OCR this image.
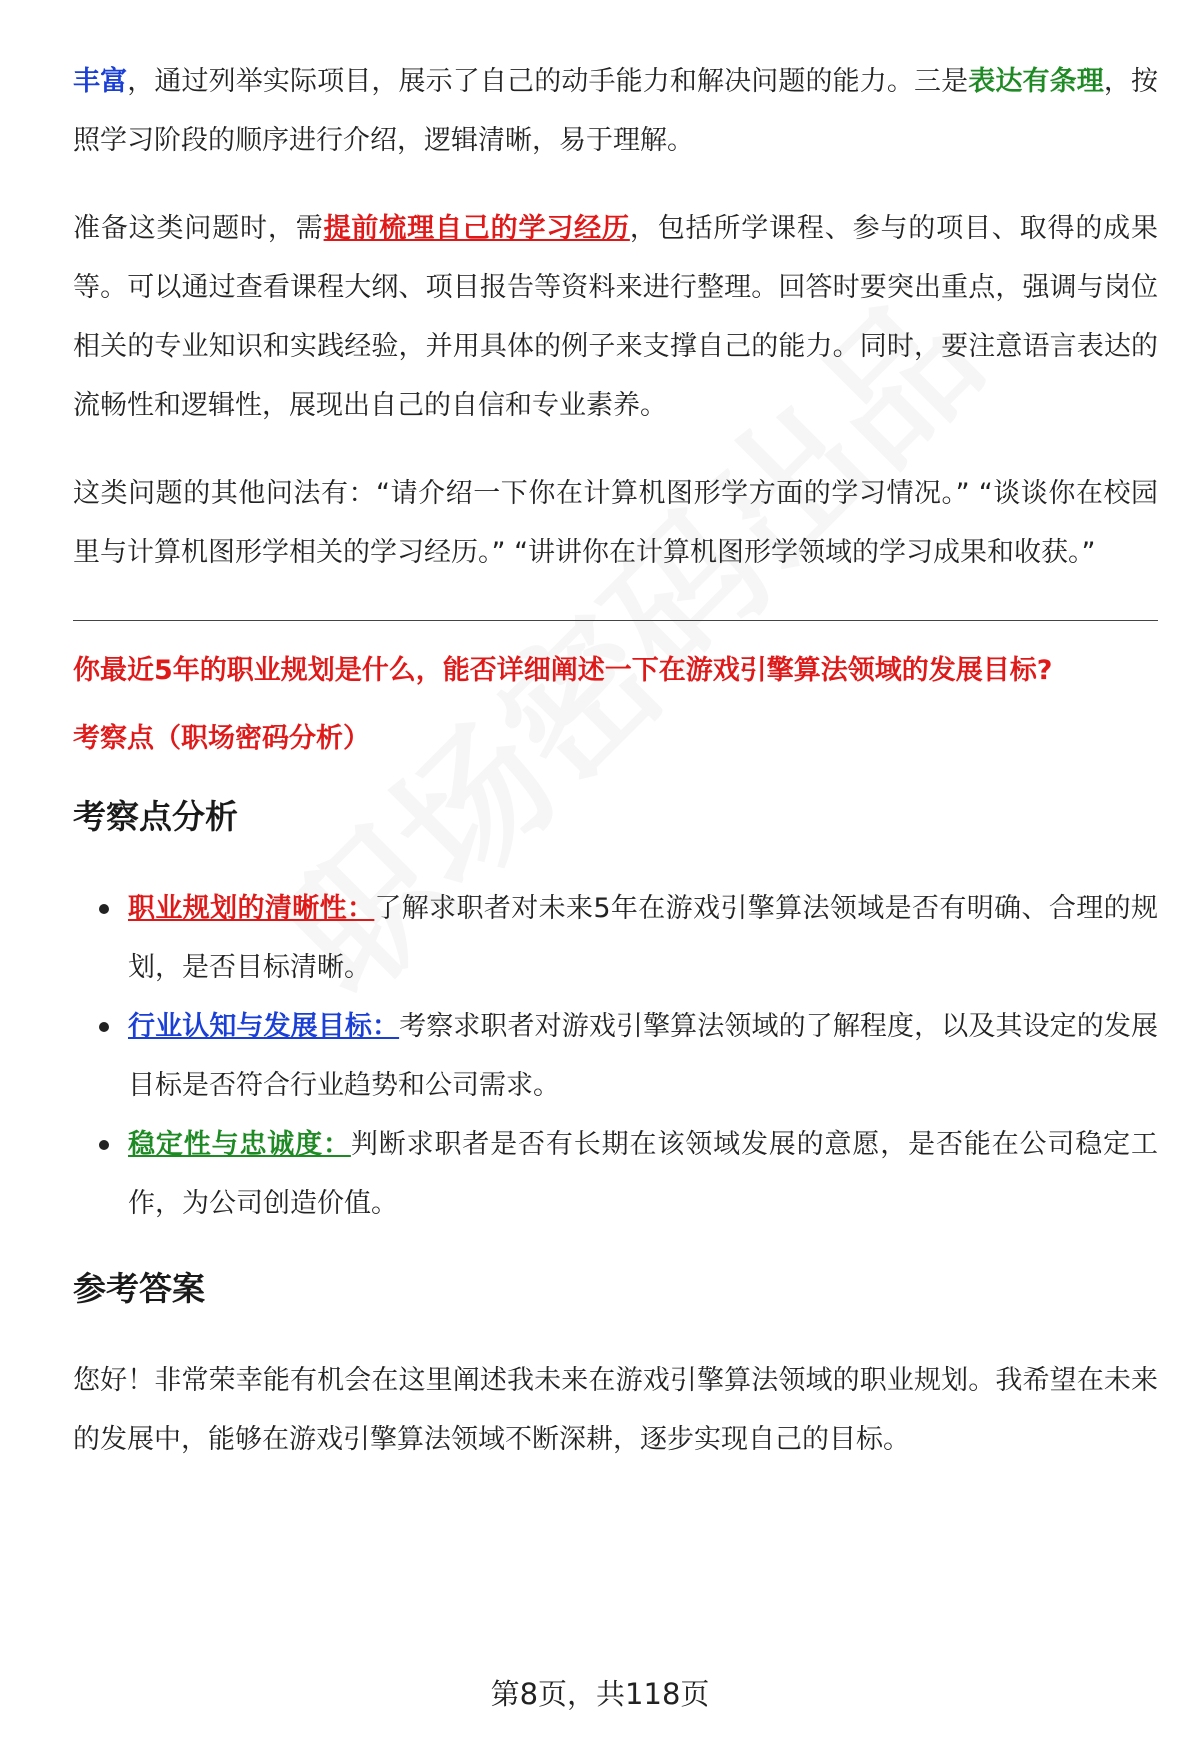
丰富，通过列举实际项目，展示了自己的动手能力和解决问题的能力。三是表达有条理，按照学习阶段的顺序进行介绍，逻辑清晰，易于理解。

准备这类问题时，需提前梳理自己的学习经历，包括所学课程、参与的项目、取得的成果等。可以通过查看课程大纲、项目报告等资料来进行整理。回答时要突出重点，强调与岗位相关的专业知识和实践经验，并用具体的例子来支撑自己的能力。同时，要注意语言表达的流畅性和逻辑性，展现出自己的自信和专业素养。

这类问题的其他问法有：“请介绍一下你在计算机图形学方面的学习情况。” “谈谈你在校园里与计算机图形学相关的学习经历。” “讲讲你在计算机图形学领域的学习成果和收获。”

你最近5年的职业规划是什么，能否详细阐述一下在游戏引擎算法领域的发展目标?
考察点（职场密码分析）
考察点分析
职业规划的清晰性：了解求职者对未来5年在游戏引擎算法领域是否有明确、合理的规划，是否目标清晰。
行业认知与发展目标：考察求职者对游戏引擎算法领域的了解程度，以及其设定的发展目标是否符合行业趋势和公司需求。
稳定性与忠诚度：判断求职者是否有长期在该领域发展的意愿，是否能在公司稳定工作，为公司创造价值。
参考答案

您好！非常荣幸能有机会在这里阐述我未来在游戏引擎算法领域的职业规划。我希望在未来的发展中，能够在游戏引擎算法领域不断深耕，逐步实现自己的目标。

第8页，共118页
